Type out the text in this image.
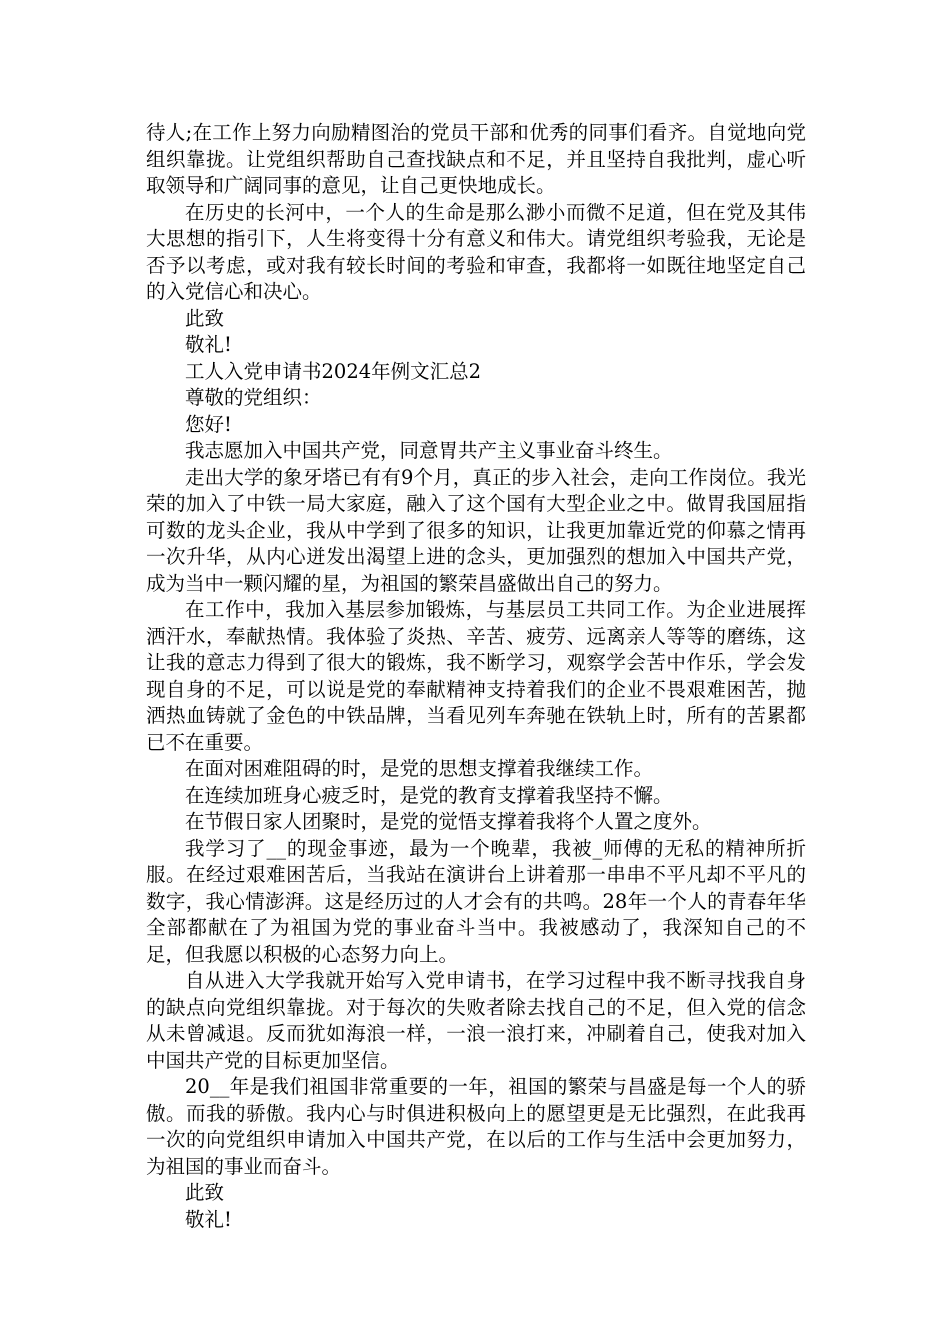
待人;在工作上努力向励精图治的党员干部和优秀的同事们看齐。自觉地向党组织靠拢。让党组织帮助自己查找缺点和不足，并且坚持自我批判，虚心听取领导和广阔同事的意见，让自己更快地成长。

在历史的长河中，一个人的生命是那么渺小而微不足道，但在党及其伟大思想的指引下，人生将变得十分有意义和伟大。请党组织考验我，无论是否予以考虑，或对我有较长时间的考验和审查，我都将一如既往地坚定自己的入党信心和决心。

此致

敬礼!

工人入党申请书2024年例文汇总2

尊敬的党组织：

您好!

我志愿加入中国共产党，同意胃共产主义事业奋斗终生。

走出大学的象牙塔已有有9个月，真正的步入社会，走向工作岗位。我光荣的加入了中铁一局大家庭，融入了这个国有大型企业之中。做胃我国屈指可数的龙头企业，我从中学到了很多的知识，让我更加靠近党的仰慕之情再一次升华，从内心迸发出渴望上进的念头，更加强烈的想加入中国共产党，成为当中一颗闪耀的星，为祖国的繁荣昌盛做出自己的努力。

在工作中，我加入基层参加锻炼，与基层员工共同工作。为企业进展挥洒汗水，奉献热情。我体验了炎热、辛苦、疲劳、远离亲人等等的磨练，这让我的意志力得到了很大的锻炼，我不断学习，观察学会苦中作乐，学会发现自身的不足，可以说是党的奉献精神支持着我们的企业不畏艰难困苦，抛洒热血铸就了金色的中铁品牌，当看见列车奔驰在铁轨上时，所有的苦累都已不在重要。

在面对困难阻碍的时，是党的思想支撑着我继续工作。

在连续加班身心疲乏时，是党的教育支撑着我坚持不懈。

在节假日家人团聚时，是党的觉悟支撑着我将个人置之度外。

我学习了__的现金事迹，最为一个晚辈，我被_师傅的无私的精神所折服。在经过艰难困苦后，当我站在演讲台上讲着那一串串不平凡却不平凡的数字，我心情澎湃。这是经历过的人才会有的共鸣。28年一个人的青春年华全部都献在了为祖国为党的事业奋斗当中。我被感动了，我深知自己的不足，但我愿以积极的心态努力向上。

自从进入大学我就开始写入党申请书，在学习过程中我不断寻找我自身的缺点向党组织靠拢。对于每次的失败者除去找自己的不足，但入党的信念从未曾减退。反而犹如海浪一样，一浪一浪打来，冲刷着自己，使我对加入中国共产党的目标更加坚信。

20__年是我们祖国非常重要的一年，祖国的繁荣与昌盛是每一个人的骄傲。而我的骄傲。我内心与时俱进积极向上的愿望更是无比强烈，在此我再一次的向党组织申请加入中国共产党，在以后的工作与生活中会更加努力，为祖国的事业而奋斗。

此致

敬礼!
